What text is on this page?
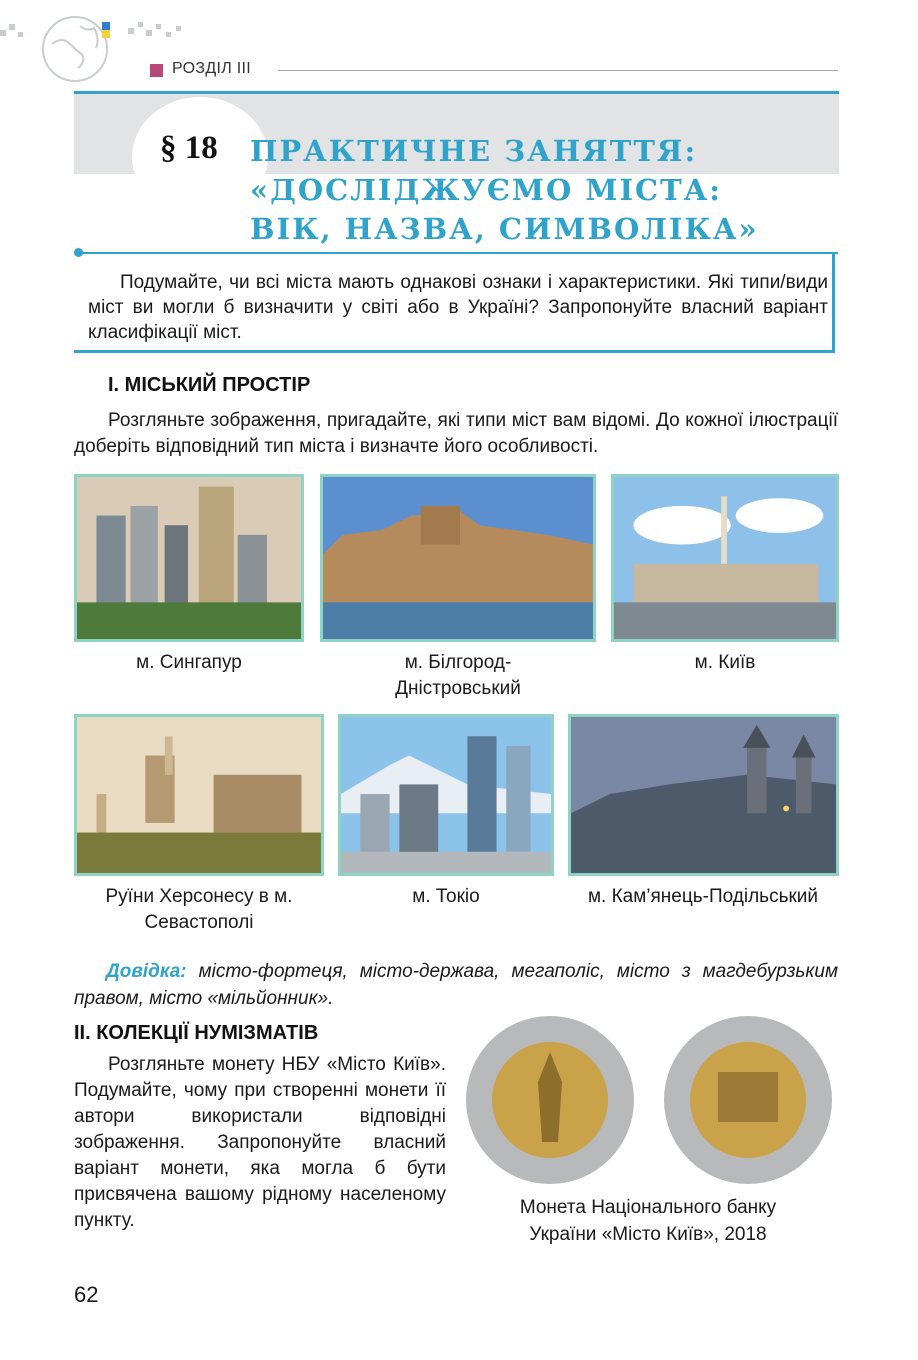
РОЗДІЛ III
§ 18 ПРАКТИЧНЕ ЗАНЯТТЯ:
«ДОСЛІДЖУЄМО МІСТА:
ВІК, НАЗВА, СИМВОЛІКА»
Подумайте, чи всі міста мають однакові ознаки і характеристики. Які типи/види міст ви могли б визначити у світі або в Україні? Запропонуйте власний варіант класифікації міст.
I. МІСЬКИЙ ПРОСТІР
Розгляньте зображення, пригадайте, які типи міст вам відомі. До кожної ілюстрації доберіть відповідний тип міста і визначте його особливості.
м. Сингапур	м. Білгород-Дністровський
м. Київ
Руїни Херсонесу в м. Севастополі
м. Токіо	м. Кам’янець-Подільський
Довідка: місто-фортеця, місто-держава, мегаполіс, місто з магдебурзьким правом, місто «мільйонник».
II. КОЛЕКЦІЇ НУМІЗМАТІВ
Розгляньте монету НБУ «Місто Київ». Подумайте, чому при створенні монети її автори використали відповідні зображення. Запропонуйте власний варіант монети, яка могла б бути присвячена вашому рідному населеному пункту.
Монета Національного банку
України «Місто Київ», 2018
62
